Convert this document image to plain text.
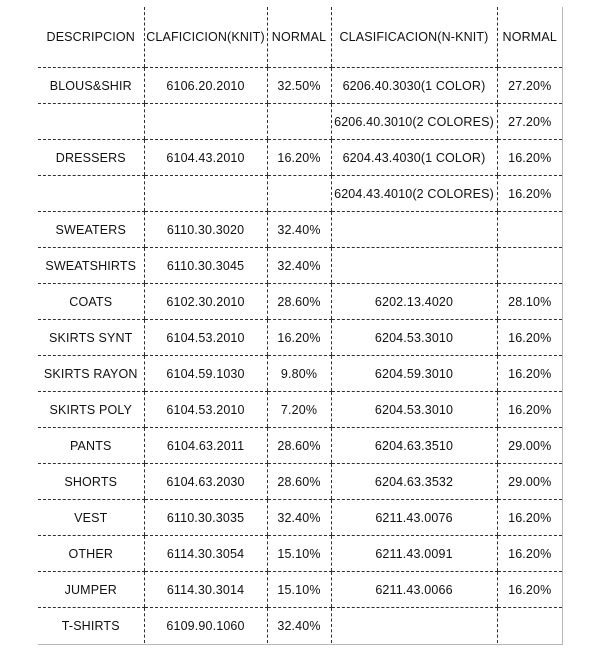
DESCRIPCION	CLAFICICION(KNIT)	NORMAL	CLASIFICACION(N-KNIT)	NORMAL
BLOUS&SHIR	6106.20.2010	32.50%	6206.40.3030(1 COLOR)	27.20%
			6206.40.3010(2 COLORES)	27.20%
DRESSERS	6104.43.2010	16.20%	6204.43.4030(1 COLOR)	16.20%
			6204.43.4010(2 COLORES)	16.20%
SWEATERS	6110.30.3020	32.40%		
SWEATSHIRTS	6110.30.3045	32.40%		
COATS	6102.30.2010	28.60%	6202.13.4020	28.10%
SKIRTS SYNT	6104.53.2010	16.20%	6204.53.3010	16.20%
SKIRTS RAYON	6104.59.1030	9.80%	6204.59.3010	16.20%
SKIRTS POLY	6104.53.2010	7.20%	6204.53.3010	16.20%
PANTS	6104.63.2011	28.60%	6204.63.3510	29.00%
SHORTS	6104.63.2030	28.60%	6204.63.3532	29.00%
VEST	6110.30.3035	32.40%	6211.43.0076	16.20%
OTHER	6114.30.3054	15.10%	6211.43.0091	16.20%
JUMPER	6114.30.3014	15.10%	6211.43.0066	16.20%
T-SHIRTS	6109.90.1060	32.40%		
